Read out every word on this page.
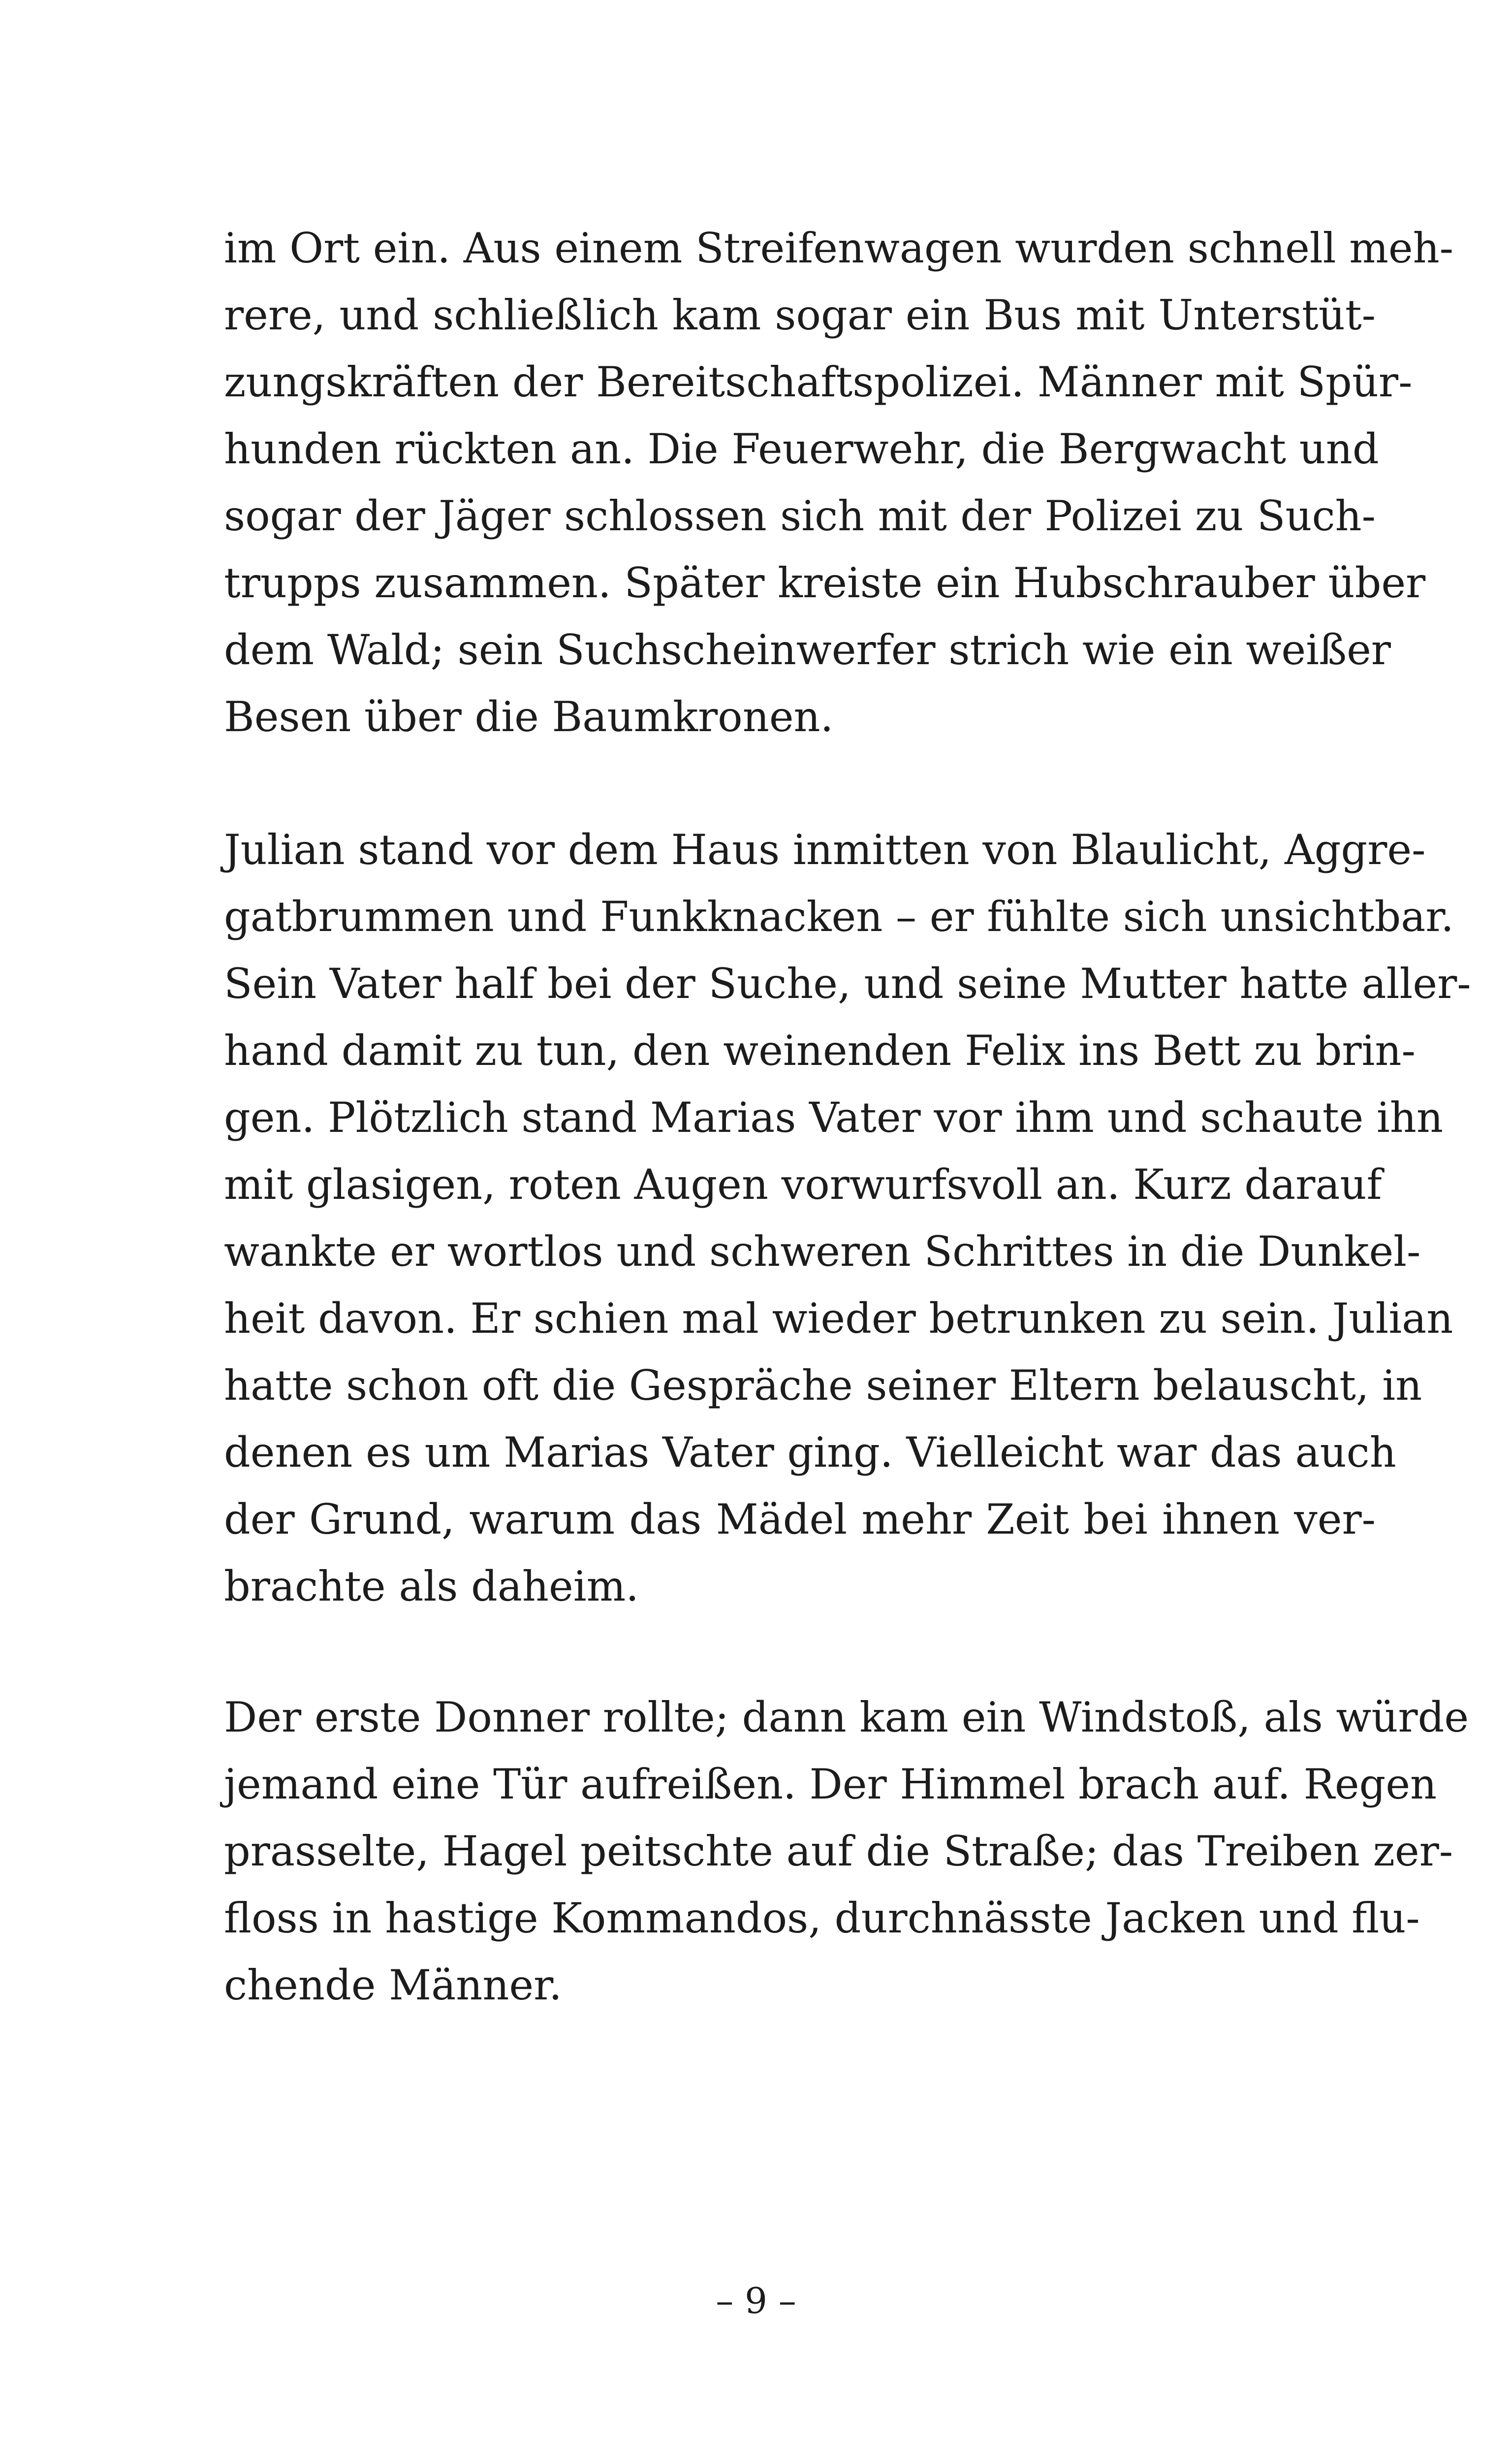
im Ort ein. Aus einem Streifenwagen wurden schnell meh-
rere, und schließlich kam sogar ein Bus mit Unterstüt-
zungskräften der Bereitschaftspolizei. Männer mit Spür-
hunden rückten an. Die Feuerwehr, die Bergwacht und
sogar der Jäger schlossen sich mit der Polizei zu Such-
trupps zusammen. Später kreiste ein Hubschrauber über
dem Wald; sein Suchscheinwerfer strich wie ein weißer
Besen über die Baumkronen.
Julian stand vor dem Haus inmitten von Blaulicht, Aggre-
gatbrummen und Funkknacken – er fühlte sich unsichtbar.
Sein Vater half bei der Suche, und seine Mutter hatte aller-
hand damit zu tun, den weinenden Felix ins Bett zu brin-
gen. Plötzlich stand Marias Vater vor ihm und schaute ihn
mit glasigen, roten Augen vorwurfsvoll an. Kurz darauf
wankte er wortlos und schweren Schrittes in die Dunkel-
heit davon. Er schien mal wieder betrunken zu sein. Julian
hatte schon oft die Gespräche seiner Eltern belauscht, in
denen es um Marias Vater ging. Vielleicht war das auch
der Grund, warum das Mädel mehr Zeit bei ihnen ver-
brachte als daheim.
Der erste Donner rollte; dann kam ein Windstoß, als würde
jemand eine Tür aufreißen. Der Himmel brach auf. Regen
prasselte, Hagel peitschte auf die Straße; das Treiben zer-
floss in hastige Kommandos, durchnässte Jacken und flu-
chende Männer.
– 9 –
